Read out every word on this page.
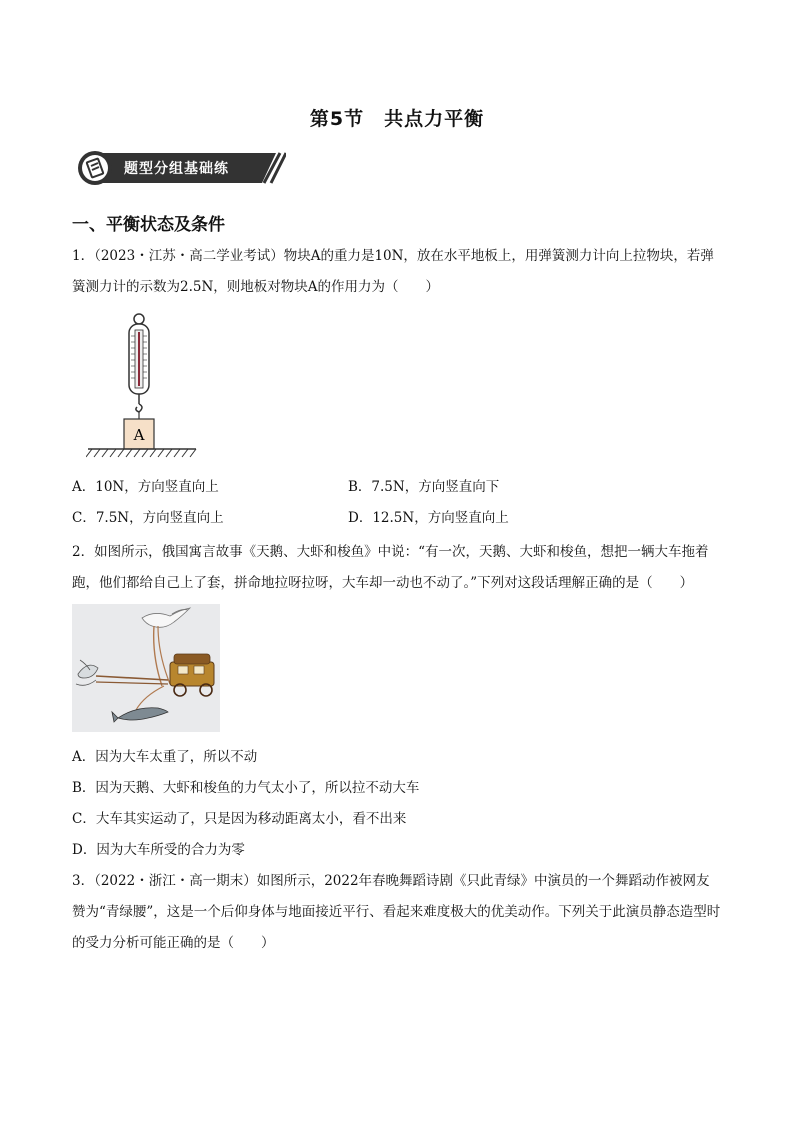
第5节　共点力平衡
题型分组基础练
一、平衡状态及条件
1．（2023・江苏・高二学业考试）物块A的重力是10N，放在水平地板上，用弹簧测力计向上拉物块，若弹簧测力计的示数为2.5N，则地板对物块A的作用力为（　　）
A
A．10N，方向竖直向上	B．7.5N，方向竖直向下
C．7.5N，方向竖直向上	D．12.5N，方向竖直向上
2．如图所示，俄国寓言故事《天鹅、大虾和梭鱼》中说：“有一次，天鹅、大虾和梭鱼，想把一辆大车拖着跑，他们都给自己上了套，拼命地拉呀拉呀，大车却一动也不动了。”下列对这段话理解正确的是（　　）
A．因为大车太重了，所以不动
B．因为天鹅、大虾和梭鱼的力气太小了，所以拉不动大车
C．大车其实运动了，只是因为移动距离太小，看不出来
D．因为大车所受的合力为零
3．（2022・浙江・高一期末）如图所示，2022年春晚舞蹈诗剧《只此青绿》中演员的一个舞蹈动作被网友赞为“青绿腰”，这是一个后仰身体与地面接近平行、看起来难度极大的优美动作。下列关于此演员静态造型时的受力分析可能正确的是（　　）
